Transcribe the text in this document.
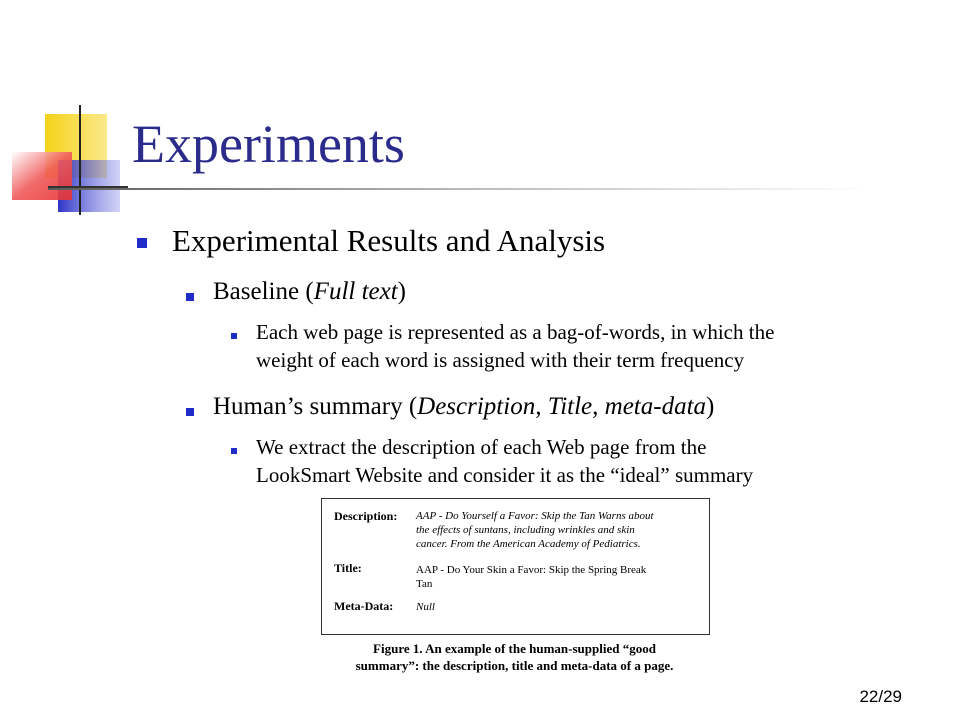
Experiments
Experimental Results and Analysis
Baseline (Full text)
Each web page is represented as a bag-of-words, in which the
weight of each word is assigned with their term frequency
Human’s summary (Description, Title, meta-data)
We extract the description of each Web page from the
LookSmart Website and consider it as the “ideal” summary
Description: AAP - Do Yourself a Favor: Skip the Tan Warns about
the effects of suntans, including wrinkles and skin
cancer. From the American Academy of Pediatrics.
Title:	AAP - Do Your Skin a Favor: Skip the Spring Break
Tan
Meta-Data: Null
Figure 1. An example of the human-supplied “good
summary”: the description, title and meta-data of a page.
22/29
